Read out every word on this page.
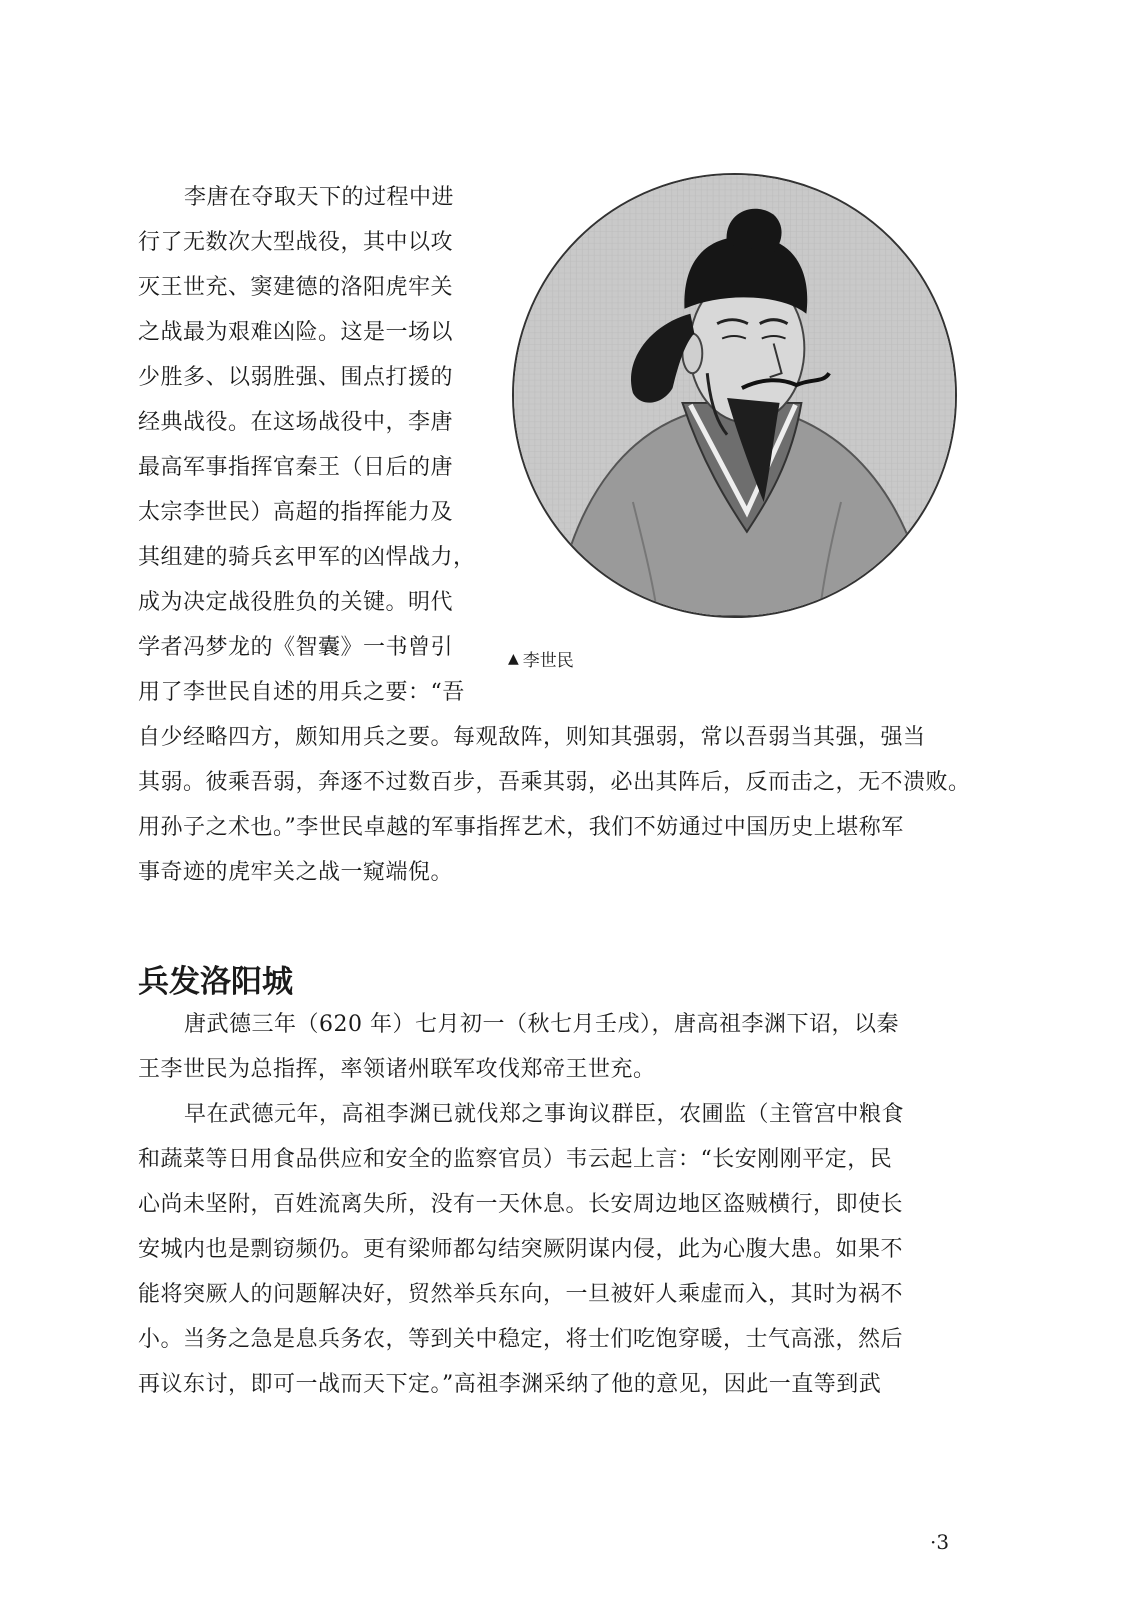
李唐在夺取天下的过程中进
行了无数次大型战役，其中以攻
灭王世充、窦建德的洛阳虎牢关
之战最为艰难凶险。这是一场以
少胜多、以弱胜强、围点打援的
经典战役。在这场战役中，李唐
最高军事指挥官秦王（日后的唐
太宗李世民）高超的指挥能力及
其组建的骑兵玄甲军的凶悍战力，
成为决定战役胜负的关键。明代
学者冯梦龙的《智囊》一书曾引
用了李世民自述的用兵之要：“吾
自少经略四方，颇知用兵之要。每观敌阵，则知其强弱，常以吾弱当其强，强当
其弱。彼乘吾弱，奔逐不过数百步，吾乘其弱，必出其阵后，反而击之，无不溃败。
用孙子之术也。”李世民卓越的军事指挥艺术，我们不妨通过中国历史上堪称军
事奇迹的虎牢关之战一窥端倪。
▲ 李世民
兵发洛阳城
唐武德三年（620 年）七月初一（秋七月壬戌），唐高祖李渊下诏，以秦
王李世民为总指挥，率领诸州联军攻伐郑帝王世充。
早在武德元年，高祖李渊已就伐郑之事询议群臣，农圃监（主管宫中粮食
和蔬菜等日用食品供应和安全的监察官员）韦云起上言：“长安刚刚平定，民
心尚未坚附，百姓流离失所，没有一天休息。长安周边地区盗贼横行，即使长
安城内也是剽窃频仍。更有梁师都勾结突厥阴谋内侵，此为心腹大患。如果不
能将突厥人的问题解决好，贸然举兵东向，一旦被奸人乘虚而入，其时为祸不
小。当务之急是息兵务农，等到关中稳定，将士们吃饱穿暖，士气高涨，然后
再议东讨，即可一战而天下定。”高祖李渊采纳了他的意见，因此一直等到武
·3
